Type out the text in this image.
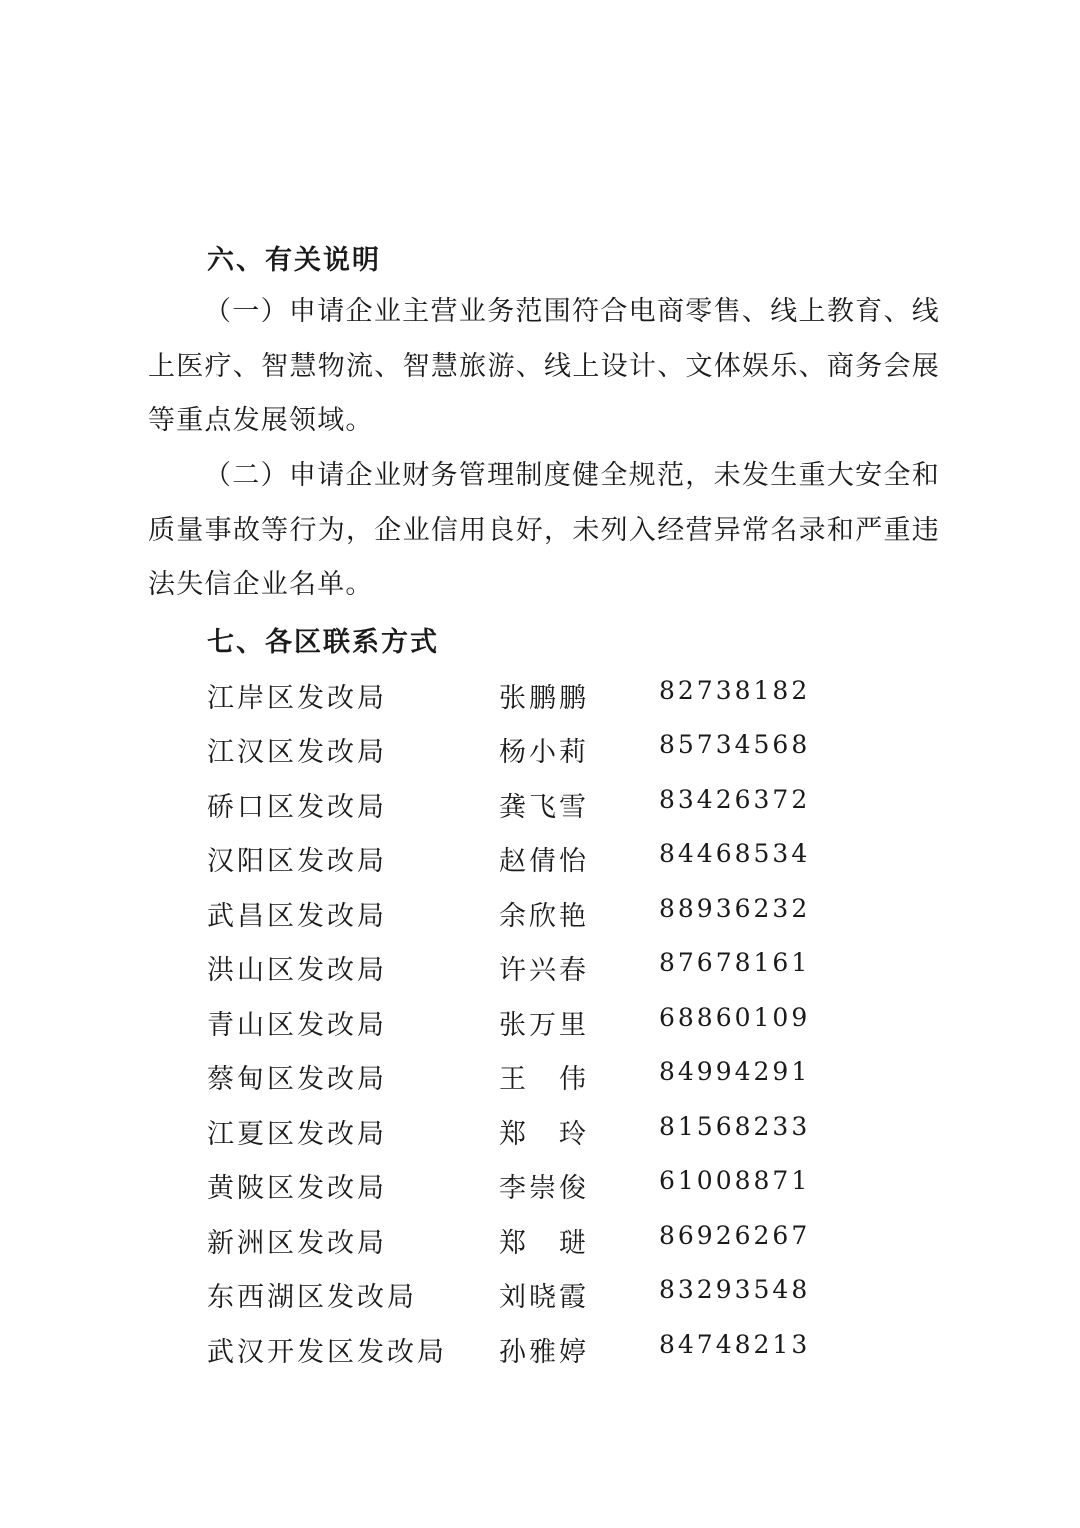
六、有关说明
（一）申请企业主营业务范围符合电商零售、线上教育、线上医疗、智慧物流、智慧旅游、线上设计、文体娱乐、商务会展等重点发展领域。
（二）申请企业财务管理制度健全规范，未发生重大安全和质量事故等行为，企业信用良好，未列入经营异常名录和严重违法失信企业名单。
七、各区联系方式
江岸区发改局	张鹏鹏	82738182
江汉区发改局	杨小莉	85734568
硚口区发改局	龚飞雪	83426372
汉阳区发改局	赵倩怡	84468534
武昌区发改局	余欣艳	88936232
洪山区发改局	许兴春	87678161
青山区发改局	张万里	68860109
蔡甸区发改局	王　伟	84994291
江夏区发改局	郑　玲	81568233
黄陂区发改局	李崇俊	61008871
新洲区发改局	郑　琎	86926267
东西湖区发改局	刘晓霞	83293548
武汉开发区发改局 孙雅婷	84748213
